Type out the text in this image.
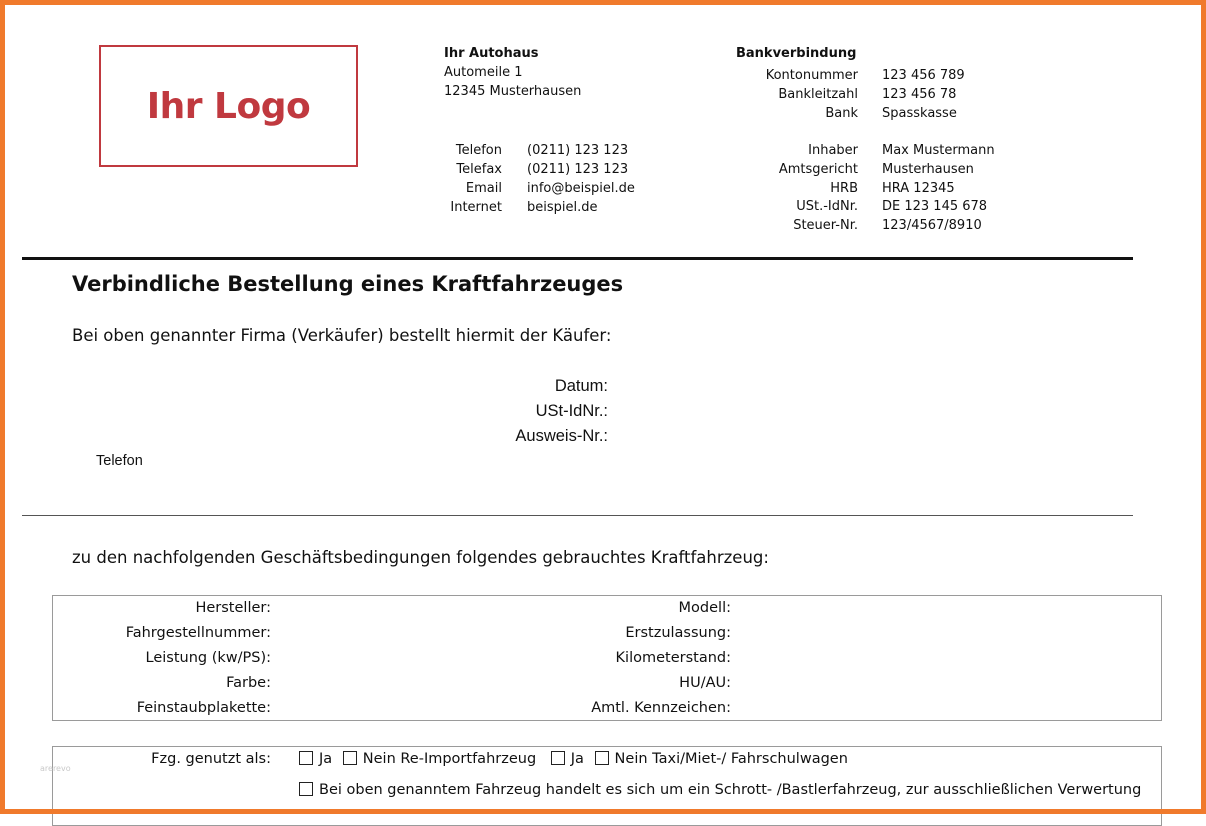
Ihr Logo
Ihr Autohaus
Automeile 1
12345 Musterhausen
Telefon (0211) 123 123
Telefax (0211) 123 123
Email info@beispiel.de
Internet beispiel.de
Bankverbindung
Kontonummer 123 456 789
Bankleitzahl 123 456 78
Bank Spasskasse
Inhaber Max Mustermann
Amtsgericht Musterhausen
HRB HRA 12345
USt.-IdNr. DE 123 145 678
Steuer-Nr. 123/4567/8910
Verbindliche Bestellung eines Kraftfahrzeuges
Bei oben genannter Firma (Verkäufer) bestellt hiermit der Käufer:
Datum:
USt-IdNr.:
Ausweis-Nr.:
Telefon
zu den nachfolgenden Geschäftsbedingungen folgendes gebrauchtes Kraftfahrzeug:
Hersteller:
Fahrgestellnummer:
Leistung (kw/PS):
Farbe:
Feinstaubplakette:
Modell:
Erstzulassung:
Kilometerstand:
HU/AU:
Amtl. Kennzeichen:
Fzg. genutzt als:	Ja Nein Re-Importfahrzeug Ja Nein Taxi/Miet-/ Fahrschulwagen
Bei oben genanntem Fahrzeug handelt es sich um ein Schrott- /Bastlerfahrzeug, zur ausschließlichen Verwertung
arerevo
